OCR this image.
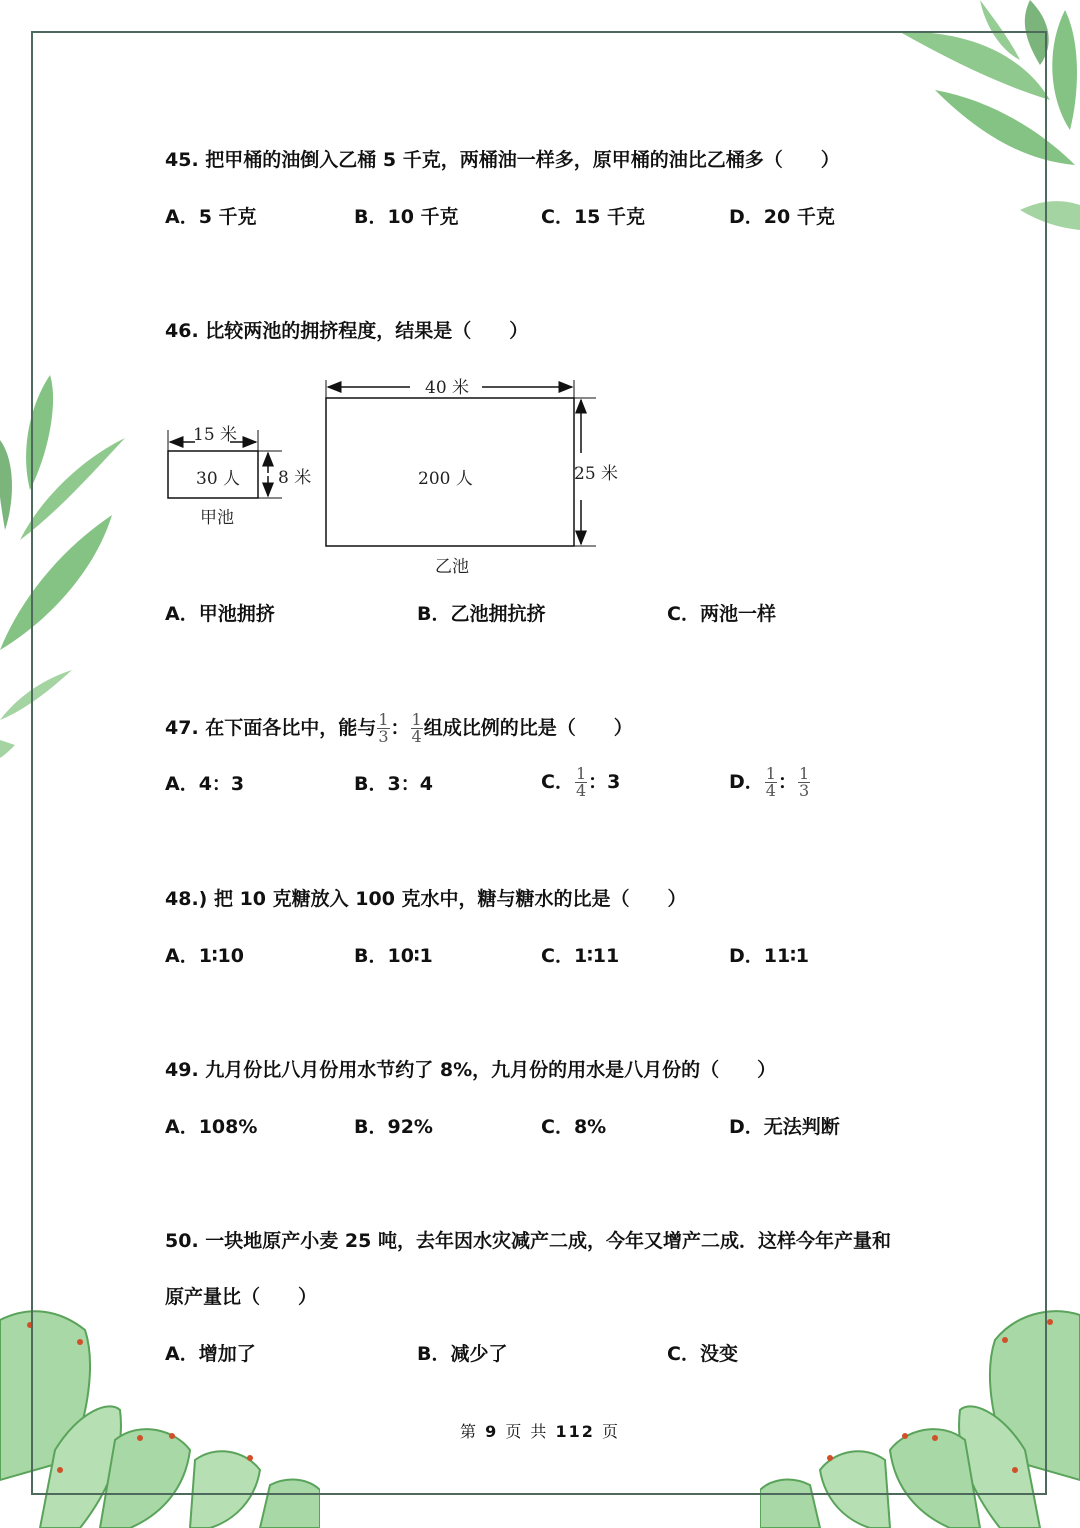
45. 把甲桶的油倒入乙桶 5 千克，两桶油一样多，原甲桶的油比乙桶多（　　）
A．5 千克	B．10 千克	C．15 千克	D．20 千克
46. 比较两池的拥挤程度，结果是（　　）
15 米
30 人 8 米
甲池
40 米
200 人	25 米
乙池
A．甲池拥挤	B．乙池拥抗挤	C．两池一样
47. 在下面各比中，能与 $\frac{1}{3}$ ： $\frac{1}{4}$ 组成比例的比是（　　）
A．4：3	B．3：4	C． $\frac{1}{4}$ ：3	D． $\frac{1}{4}$ ： $\frac{1}{3}$
48.) 把 10 克糖放入 100 克水中，糖与糖水的比是（　　）
A．1∶10	B．10∶1	C．1∶11	D．11∶1
49. 九月份比八月份用水节约了 8%，九月份的用水是八月份的（　　）
A．108%	B．92%	C．8%	D．无法判断
50. 一块地原产小麦 25 吨，去年因水灾减产二成，今年又增产二成．这样今年产量和
原产量比（　　）
A．增加了	B．减少了	C．没变
第 9 页 共 112 页
